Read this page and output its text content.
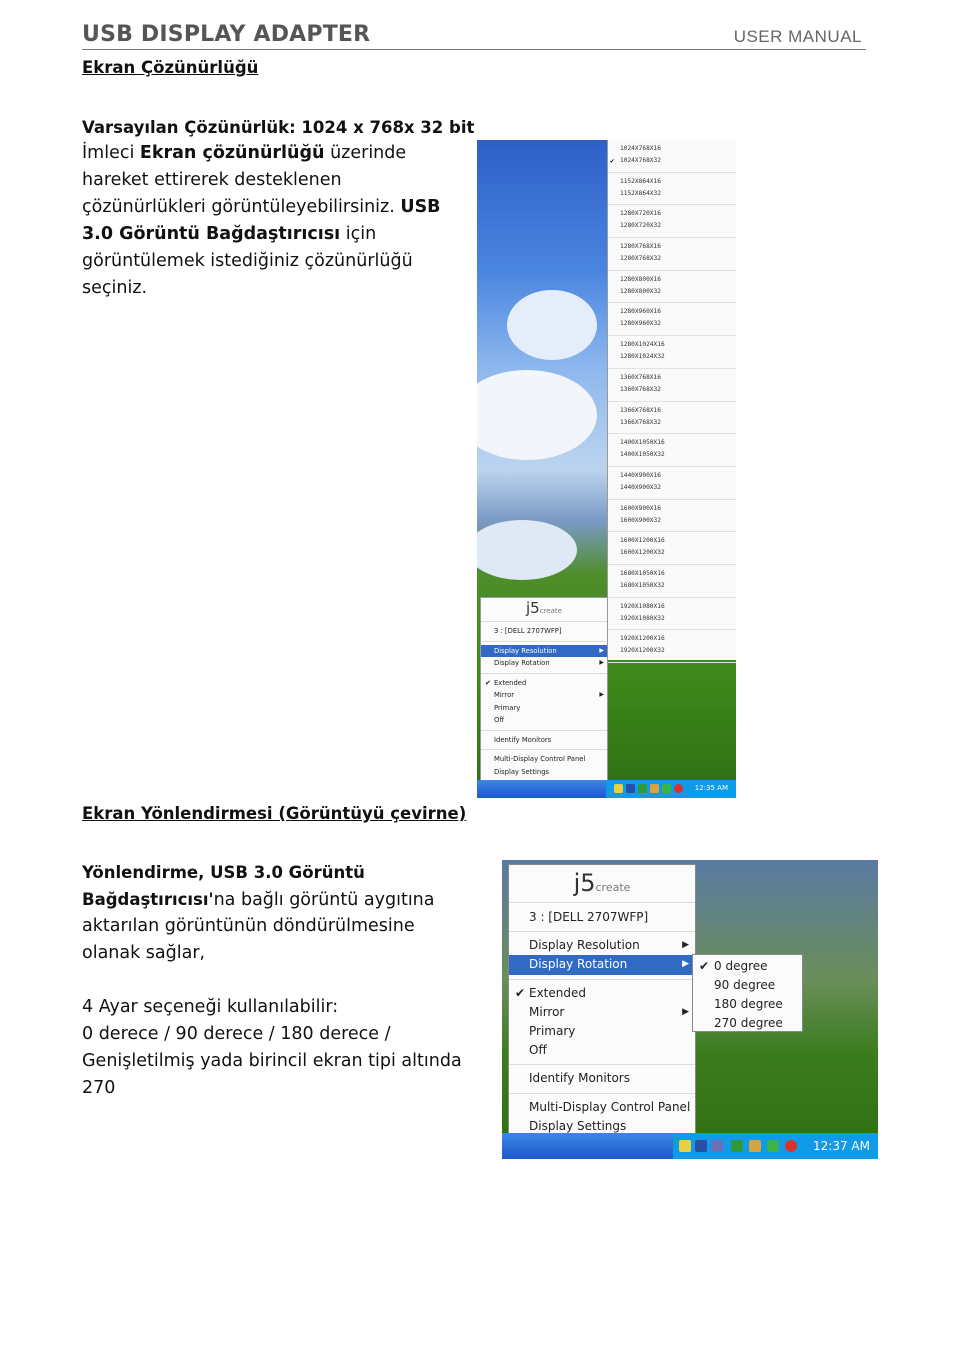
USB DISPLAY ADAPTER	USER MANUAL
Ekran Çözünürlüğü
Varsayılan Çözünürlük: 1024 x 768x 32 bit
İmleci Ekran çözünürlüğü üzerinde
hareket ettirerek desteklenen
çözünürlükleri görüntüleyebilirsiniz. USB
3.0 Görüntü Bağdaştırıcısı için
görüntülemek istediğiniz çözünürlüğü
seçiniz.
1024X768X16
✔ 1024X768X32
1152X864X16
1152X864X32
1280X720X16
1280X720X32
1280X768X16
1280X768X32
1280X800X16
1280X800X32
1280X960X16
1280X960X32
1280X1024X16
1280X1024X32
1360X768X16
1360X768X32
1366X768X16
1366X768X32
1400X1050X16
1400X1050X32
1440X900X16
1440X900X32
1600X900X16
1600X900X32
1600X1200X16
1600X1200X32
1680X1050X16
1680X1050X32
1920X1080X16
1920X1080X32
1920X1200X16
1920X1200X32
j5create
3 : [DELL 2707WFP]
Display Resolution	▶
Display Rotation	▶
✔ Extended
Mirror	▶
Primary
Off
Identify Monitors
Multi-Display Control Panel
Display Settings
12:35 AM
Ekran Yönlendirmesi (Görüntüyü çevirne)
Yönlendirme, USB 3.0 Görüntü
Bağdaştırıcısı'na bağlı görüntü aygıtına
aktarılan görüntünün döndürülmesine
olanak sağlar,
4 Ayar seçeneği kullanılabilir:
0 derece / 90 derece / 180 derece /
Genişletilmiş yada birincil ekran tipi altında
270
j5create
3 : [DELL 2707WFP]
Display Resolution	▶
Display Rotation	▶
✔ Extended
Mirror	▶
Primary
Off
Identify Monitors
Multi-Display Control Panel
Display Settings
✔ 0 degree
90 degree
180 degree
270 degree
12:37 AM
